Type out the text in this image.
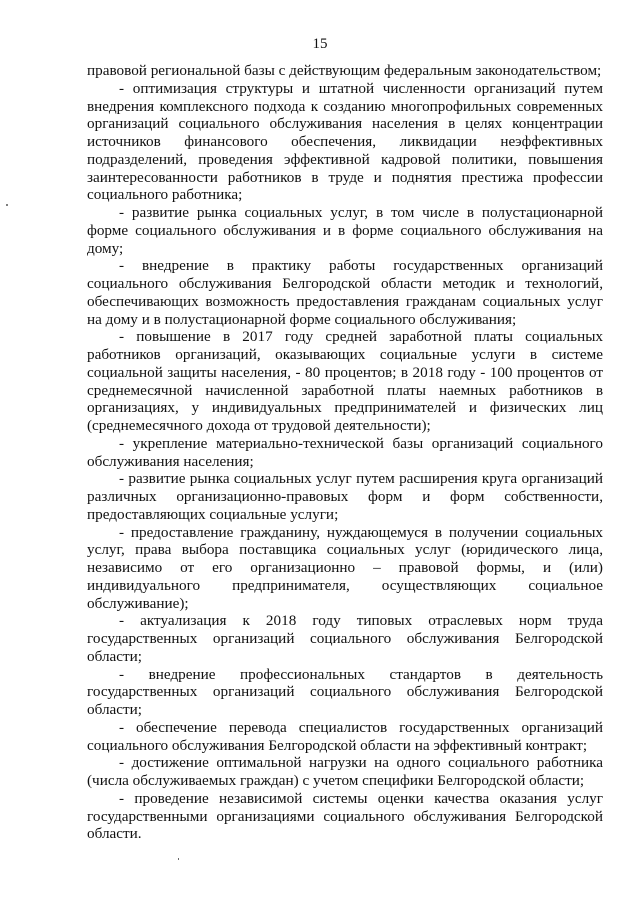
15

правовой региональной базы с действующим федеральным законодательством;

- оптимизация структуры и штатной численности организаций путем внедрения комплексного подхода к созданию многопрофильных современных организаций социального обслуживания населения в целях концентрации источников финансового обеспечения, ликвидации неэффективных подразделений, проведения эффективной кадровой политики, повышения заинтересованности работников в труде и поднятия престижа профессии социального работника;

- развитие рынка социальных услуг, в том числе в полустационарной форме социального обслуживания и в форме социального обслуживания на дому;

- внедрение в практику работы государственных организаций социального обслуживания Белгородской области методик и технологий, обеспечивающих возможность предоставления гражданам социальных услуг на дому и в полустационарной форме социального обслуживания;

- повышение в 2017 году средней заработной платы социальных работников организаций, оказывающих социальные услуги в системе социальной защиты населения, - 80 процентов; в 2018 году - 100 процентов от среднемесячной начисленной заработной платы наемных работников в организациях, у индивидуальных предпринимателей и физических лиц (среднемесячного дохода от трудовой деятельности);

- укрепление материально-технической базы организаций социального обслуживания населения;

- развитие рынка социальных услуг путем расширения круга организаций различных организационно-правовых форм и форм собственности, предоставляющих социальные услуги;

- предоставление гражданину, нуждающемуся в получении социальных услуг, права выбора поставщика социальных услуг (юридического лица, независимо от его организационно – правовой формы, и (или) индивидуального предпринимателя, осуществляющих социальное обслуживание);

- актуализация к 2018 году типовых отраслевых норм труда государственных организаций социального обслуживания Белгородской области;

- внедрение профессиональных стандартов в деятельность государственных организаций социального обслуживания Белгородской области;

- обеспечение перевода специалистов государственных организаций социального обслуживания Белгородской области на эффективный контракт;

- достижение оптимальной нагрузки на одного социального работника (числа обслуживаемых граждан) с учетом специфики Белгородской области;

- проведение независимой системы оценки качества оказания услуг государственными организациями социального обслуживания Белгородской области.
